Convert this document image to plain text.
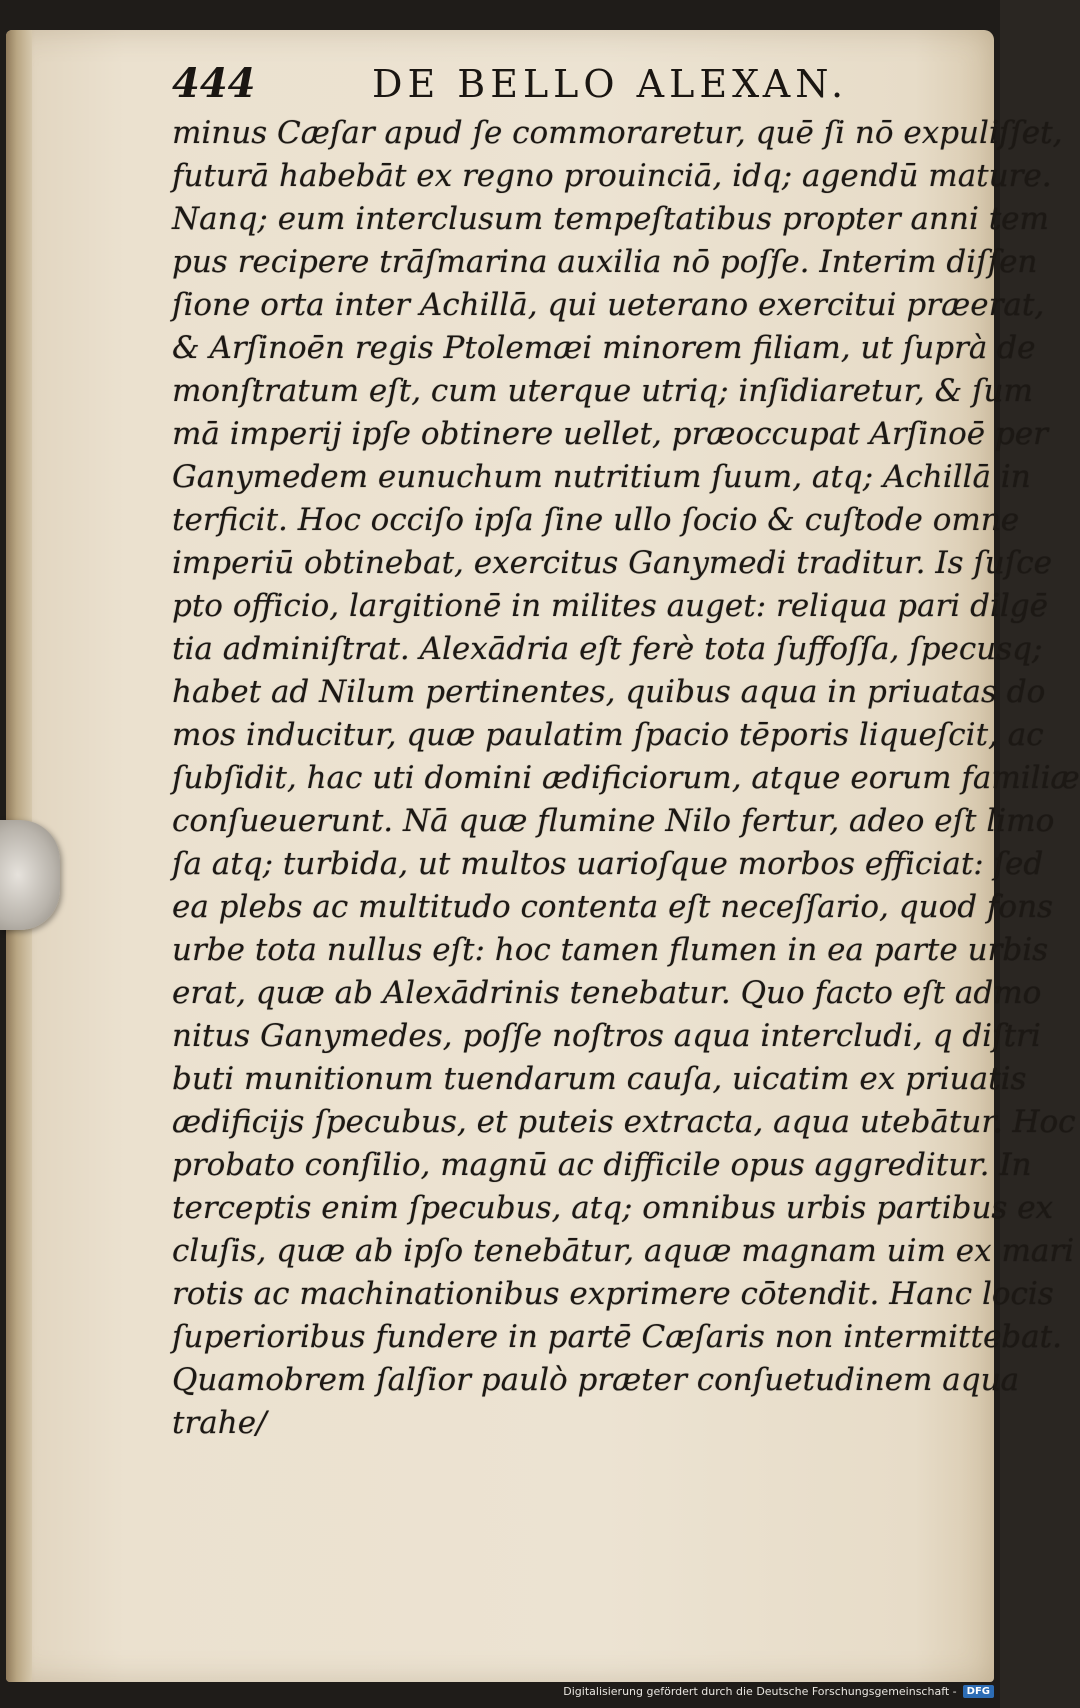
444	DE BELLO ALEXAN.
minus Cæſar apud ſe commoraretur, quē ſi nō expuliſſet,
futurā habebāt ex regno prouinciā, idq; agendū mature.
Nanq; eum interclusum tempeſtatibus propter anni tem
pus recipere trāſmarina auxilia nō poſſe. Interim diſſen
ſione orta inter Achillā, qui ueterano exercitui præerat,
& Arſinoēn regis Ptolemæi minorem filiam, ut ſuprà de
monſtratum eſt, cum uterque utriq; inſidiaretur, & ſum
mā imperij ipſe obtinere uellet, præoccupat Arſinoē per
Ganymedem eunuchum nutritium ſuum, atq; Achillā in
terficit. Hoc occiſo ipſa ſine ullo ſocio & cuſtode omne
imperiū obtinebat, exercitus Ganymedi traditur. Is ſuſce
pto officio, largitionē in milites auget: reliqua pari dilgē
tia adminiſtrat. Alexādria eſt ferè tota ſuffoſſa, ſpecusq;
habet ad Nilum pertinentes, quibus aqua in priuatas do
mos inducitur, quæ paulatim ſpacio tēporis liqueſcit, ac
ſubſidit, hac uti domini ædificiorum, atque eorum familiæ
conſueuerunt. Nā quæ flumine Nilo fertur, adeo eſt limo
ſa atq; turbida, ut multos uarioſque morbos efficiat: ſed
ea plebs ac multitudo contenta eſt neceſſario, quod fons
urbe tota nullus eſt: hoc tamen flumen in ea parte urbis
erat, quæ ab Alexādrinis tenebatur. Quo facto eſt admo
nitus Ganymedes, poſſe noſtros aqua intercludi, q diſtri
buti munitionum tuendarum cauſa, uicatim ex priuatis
ædificijs ſpecubus, et puteis extracta, aqua utebātur. Hoc
probato conſilio, magnū ac difficile opus aggreditur. In
terceptis enim ſpecubus, atq; omnibus urbis partibus ex
cluſis, quæ ab ipſo tenebātur, aquæ magnam uim ex mari
rotis ac machinationibus exprimere cōtendit. Hanc locis
ſuperioribus fundere in partē Cæſaris non intermittebat.
Quamobrem ſalſior paulò præter conſuetudinem aqua
trahe/
Digitalisierung gefördert durch die Deutsche Forschungsgemeinschaft -	DFG
